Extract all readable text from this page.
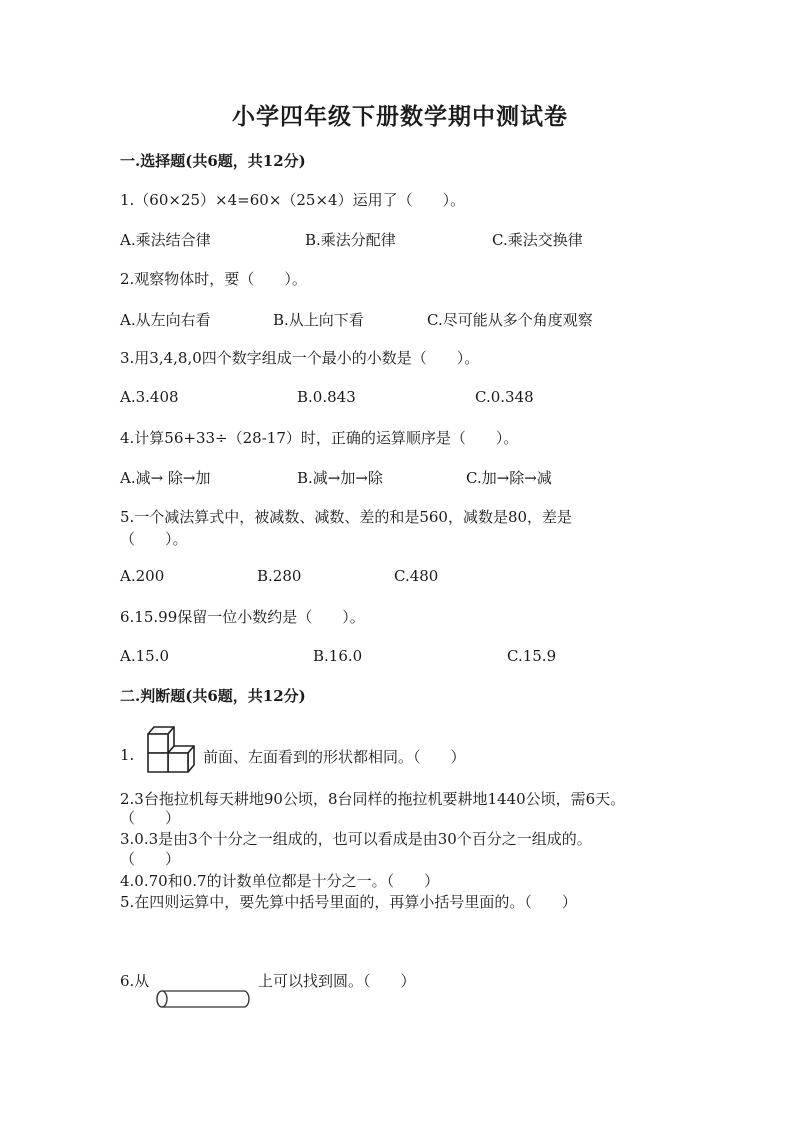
小学四年级下册数学期中测试卷
一.选择题(共6题，共12分)
1.（60×25）×4=60×（25×4）运用了（　　）。
A.乘法结合律	B.乘法分配律	C.乘法交换律
2.观察物体时，要（　　）。
A.从左向右看	B.从上向下看	C.尽可能从多个角度观察
3.用3,4,8,0四个数字组成一个最小的小数是（　　）。
A.3.408	B.0.843	C.0.348
4.计算56+33÷（28-17）时，正确的运算顺序是（　　）。
A.减→ 除→加	B.减→加→除	C.加→除→减
5.一个减法算式中，被减数、减数、差的和是560，减数是80，差是
（　　）。
A.200	B.280	C.480
6.15.99保留一位小数约是（　　）。
A.15.0	B.16.0	C.15.9
二.判断题(共6题，共12分)
1.	前面、左面看到的形状都相同。（　　）
2.3台拖拉机每天耕地90公顷，8台同样的拖拉机要耕地1440公顷，需6天。
（　　）
3.0.3是由3个十分之一组成的，也可以看成是由30个百分之一组成的。
（　　）
4.0.70和0.7的计数单位都是十分之一。（　　）
5.在四则运算中，要先算中括号里面的，再算小括号里面的。（　　）
6.从	上可以找到圆。（　　）
